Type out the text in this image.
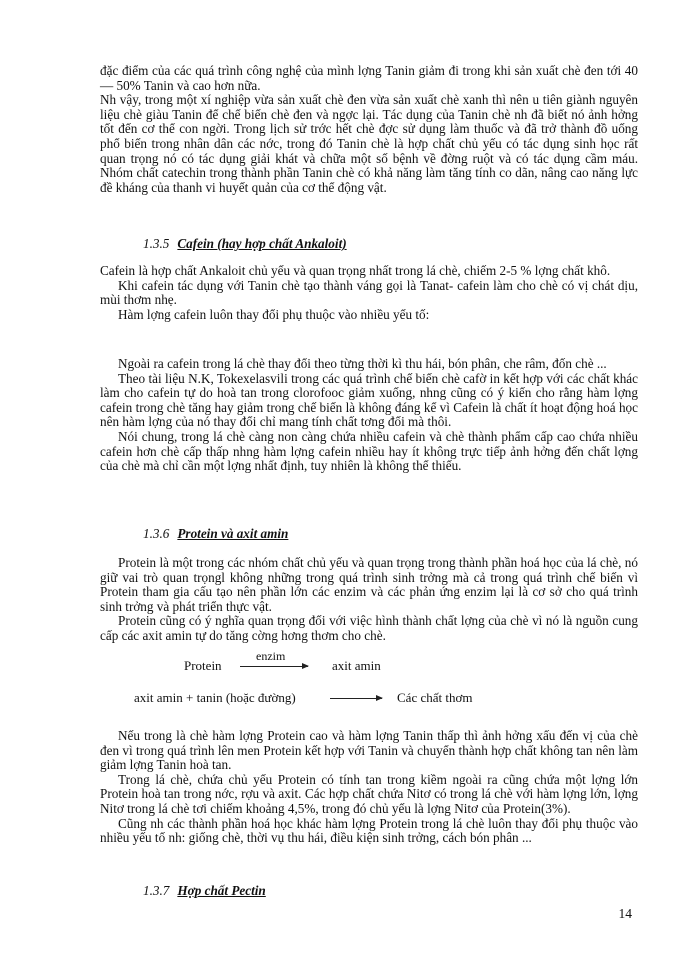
đặc điểm của các quá trình công nghệ của mình lợng Tanin giảm đi trong khi sản xuất chè đen tới 40 — 50% Tanin và cao hơn nữa.

Nh vậy, trong một xí nghiệp vừa sản xuất chè đen vừa sản xuất chè xanh thì nên u tiên giành nguyên liệu chè giàu Tanin để chế biến chè đen và ngợc lại. Tác dụng của Tanin chè nh đã biết nó ảnh hởng tốt đến cơ thể con ngời. Trong lịch sử trớc hết chè đợc sử dụng làm thuốc và đã trở thành đồ uống phổ biến trong nhân dân các nớc, trong đó Tanin chè là hợp chất chủ yếu có tác dụng sinh học rất quan trọng nó có tác dụng giải khát và chữa một số bệnh về đờng ruột và có tác dụng cầm máu. Nhóm chất catechin trong thành phần Tanin chè có khả năng làm tăng tính co dãn, nâng cao năng lực đề kháng của thanh vi huyết quản của cơ thể động vật.

1.3.5 Cafein (hay hợp chất Ankaloit)

Cafein là hợp chất Ankaloit chủ yếu và quan trọng nhất trong lá chè, chiếm 2-5 % lợng chất khô.

Khi cafein tác dụng với Tanin chè tạo thành váng gọi là Tanat- cafein làm cho chè có vị chát dịu, mùi thơm nhẹ.

Hàm lợng cafein luôn thay đổi phụ thuộc vào nhiều yếu tố:

Ngoài ra cafein trong lá chè thay đổi theo từng thời kì thu hái, bón phân, che râm, đốn chè ...

Theo tài liệu N.K, Tokexelasvili trong các quá trình chế biến chè cafờ in kết hợp với các chất khác làm cho cafein tự do hoà tan trong clorofooc giảm xuống, nhng cũng có ý kiến cho rằng hàm lợng cafein trong chè tăng hay giảm trong chế biến là không đáng kể vì Cafein là chất ít hoạt động hoá học nên hàm lợng của nó thay đổi chỉ mang tính chất tơng đối mà thôi.

Nói chung, trong lá chè càng non càng chứa nhiều cafein và chè thành phẩm cấp cao chứa nhiều cafein hơn chè cấp thấp nhng hàm lợng cafein nhiều hay ít không trực tiếp ảnh hởng đến chất lợng của chè mà chỉ cần một lợng nhất định, tuy nhiên là không thể thiếu.

1.3.6 Protein và axit amin

Protein là một trong các nhóm chất chủ yếu và quan trọng trong thành phần hoá học của lá chè, nó giữ vai trò quan trọngl không những trong quá trình sinh trởng mà cả trong quá trình chế biến vì Protein tham gia cấu tạo nên phần lớn các enzim và các phản ứng enzim lại là cơ sở cho quá trình sinh trởng và phát triển thực vật.

Protein cũng có ý nghĩa quan trọng đối với việc hình thành chất lợng của chè vì nó là nguồn cung cấp các axit amin tự do tăng cờng hơng thơm cho chè.

Protein
enzim
axit amin
axit amin + tanin (hoặc đường) → Các chất thơm

Nếu trong là chè hàm lợng Protein cao và hàm lợng Tanin thấp thì ảnh hởng xấu đến vị của chè đen vì trong quá trình lên men Protein kết hợp với Tanin và chuyển thành hợp chất không tan nên làm giảm lợng Tanin hoà tan.

Trong lá chè, chứa chủ yếu Protein có tính tan trong kiềm ngoài ra cũng chứa một lợng lớn Protein hoà tan trong nớc, rợu và axit. Các hợp chất chứa Nitơ có trong lá chè với hàm lợng lớn, lợng Nitơ trong lá chè tơi chiếm khoảng 4,5%, trong đó chủ yếu là lợng Nitơ của Protein(3%).

Cũng nh các thành phần hoá học khác hàm lợng Protein trong lá chè luôn thay đổi phụ thuộc vào nhiều yếu tố nh: giống chè, thời vụ thu hái, điều kiện sinh trởng, cách bón phân ...

1.3.7 Hợp chất Pectin
14
